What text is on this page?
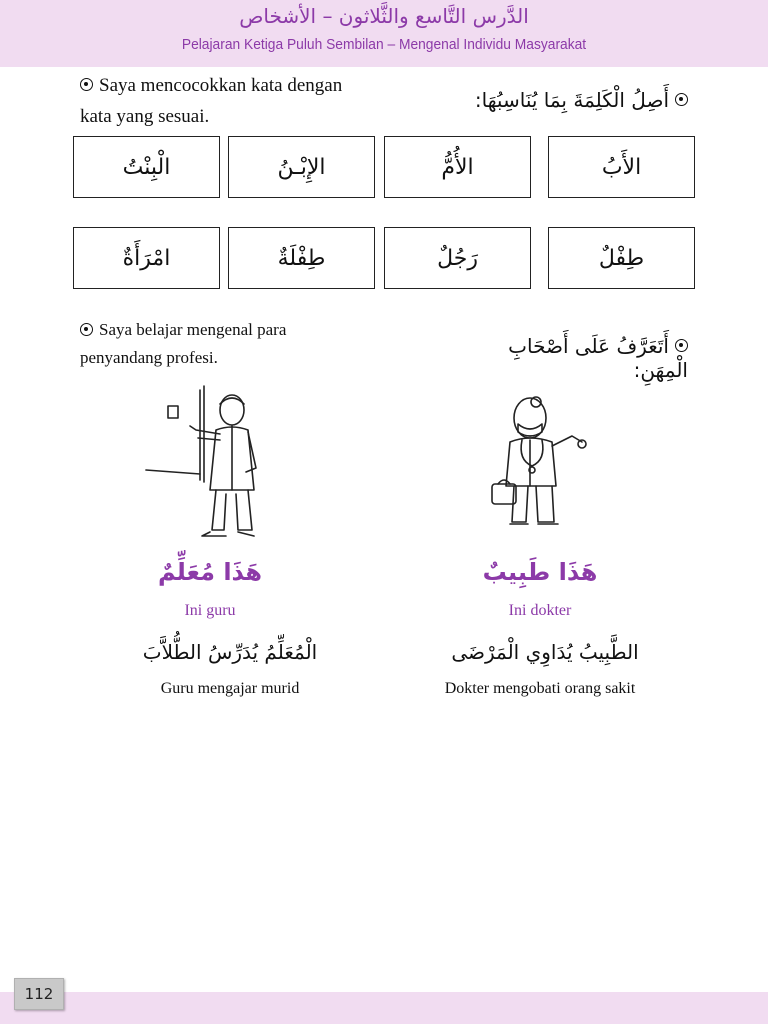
الدَّرس التَّاسع والثَّلاثون – الأشخاص
Pelajaran Ketiga Puluh Sembilan – Mengenal Individu Masyarakat
Saya mencocokkan kata dengan
kata yang sesuai.
أَصِلُ الْكَلِمَةَ بِمَا يُنَاسِبُهَا:
الأَبُ
الأُمُّ
الإِبْـنُ
الْبِنْتُ
طِفْلٌ
رَجُلٌ
طِفْلَةٌ
امْرَأَةٌ
Saya belajar mengenal para
penyandang profesi.	أَتَعَرَّفُ عَلَى أَصْحَابِ الْمِهَنِ:
هَذَا مُعَلِّمٌ
Ini guru
الْمُعَلِّمُ يُدَرِّسُ الطُّلاَّبَ
Guru mengajar murid
هَذَا طَبِيبٌ
Ini dokter
الطَّبِيبُ يُدَاوِي الْمَرْضَى
Dokter mengobati orang sakit
112
